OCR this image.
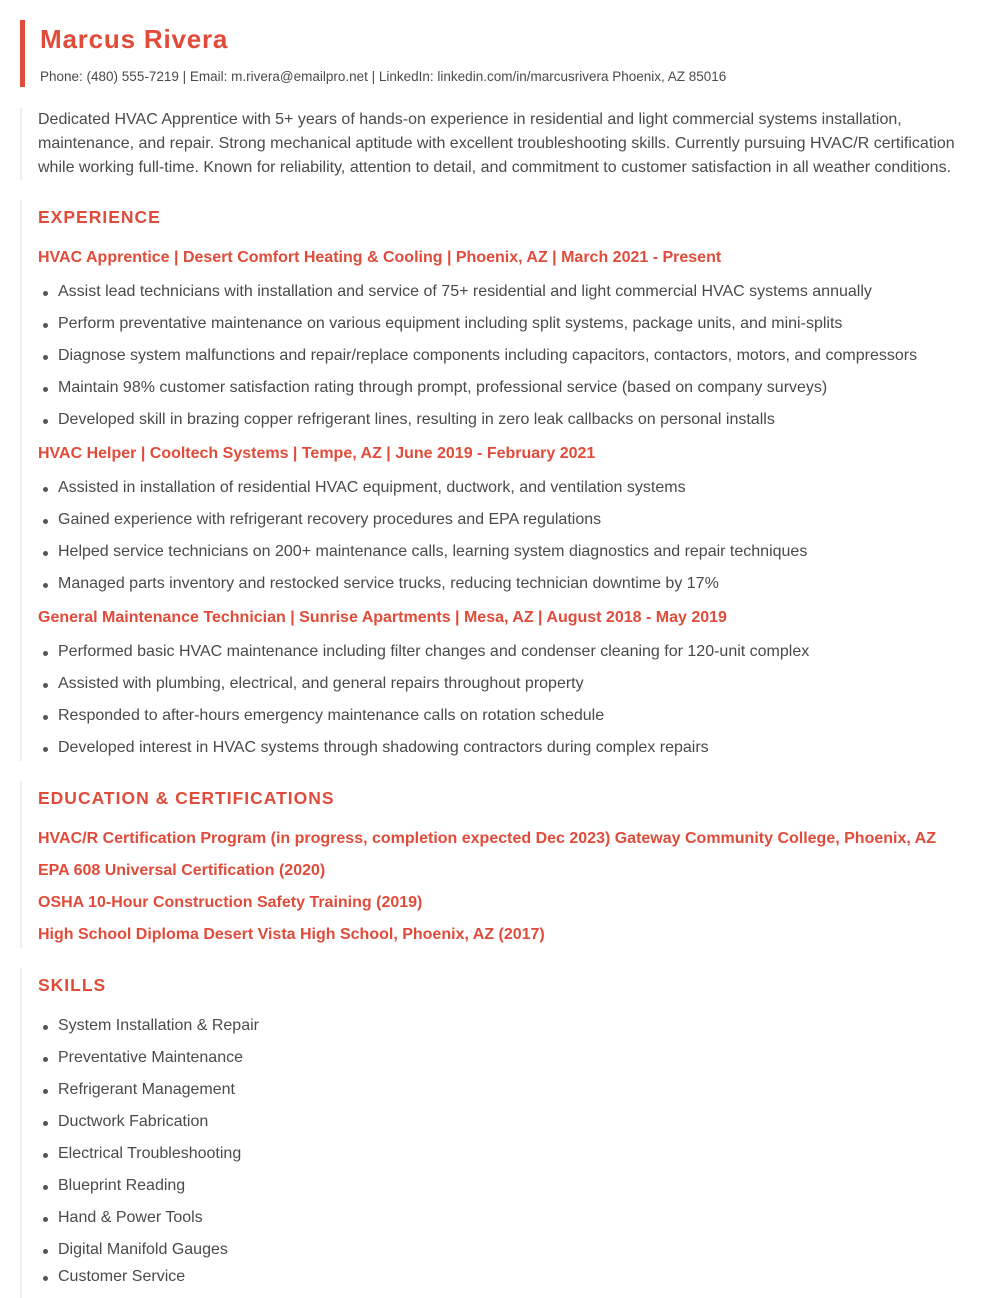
Marcus Rivera
Phone: (480) 555-7219 | Email: m.rivera@emailpro.net | LinkedIn: linkedin.com/in/marcusrivera Phoenix, AZ 85016
Dedicated HVAC Apprentice with 5+ years of hands-on experience in residential and light commercial systems installation, maintenance, and repair. Strong mechanical aptitude with excellent troubleshooting skills. Currently pursuing HVAC/R certification while working full-time. Known for reliability, attention to detail, and commitment to customer satisfaction in all weather conditions.
EXPERIENCE
HVAC Apprentice | Desert Comfort Heating & Cooling | Phoenix, AZ | March 2021 - Present
Assist lead technicians with installation and service of 75+ residential and light commercial HVAC systems annually
Perform preventative maintenance on various equipment including split systems, package units, and mini-splits
Diagnose system malfunctions and repair/replace components including capacitors, contactors, motors, and compressors
Maintain 98% customer satisfaction rating through prompt, professional service (based on company surveys)
Developed skill in brazing copper refrigerant lines, resulting in zero leak callbacks on personal installs
HVAC Helper | Cooltech Systems | Tempe, AZ | June 2019 - February 2021
Assisted in installation of residential HVAC equipment, ductwork, and ventilation systems
Gained experience with refrigerant recovery procedures and EPA regulations
Helped service technicians on 200+ maintenance calls, learning system diagnostics and repair techniques
Managed parts inventory and restocked service trucks, reducing technician downtime by 17%
General Maintenance Technician | Sunrise Apartments | Mesa, AZ | August 2018 - May 2019
Performed basic HVAC maintenance including filter changes and condenser cleaning for 120-unit complex
Assisted with plumbing, electrical, and general repairs throughout property
Responded to after-hours emergency maintenance calls on rotation schedule
Developed interest in HVAC systems through shadowing contractors during complex repairs
EDUCATION & CERTIFICATIONS
HVAC/R Certification Program (in progress, completion expected Dec 2023) Gateway Community College, Phoenix, AZ
EPA 608 Universal Certification (2020)
OSHA 10-Hour Construction Safety Training (2019)
High School Diploma Desert Vista High School, Phoenix, AZ (2017)
SKILLS
System Installation & Repair
Preventative Maintenance
Refrigerant Management
Ductwork Fabrication
Electrical Troubleshooting
Blueprint Reading
Hand & Power Tools
Digital Manifold Gauges
Customer Service
